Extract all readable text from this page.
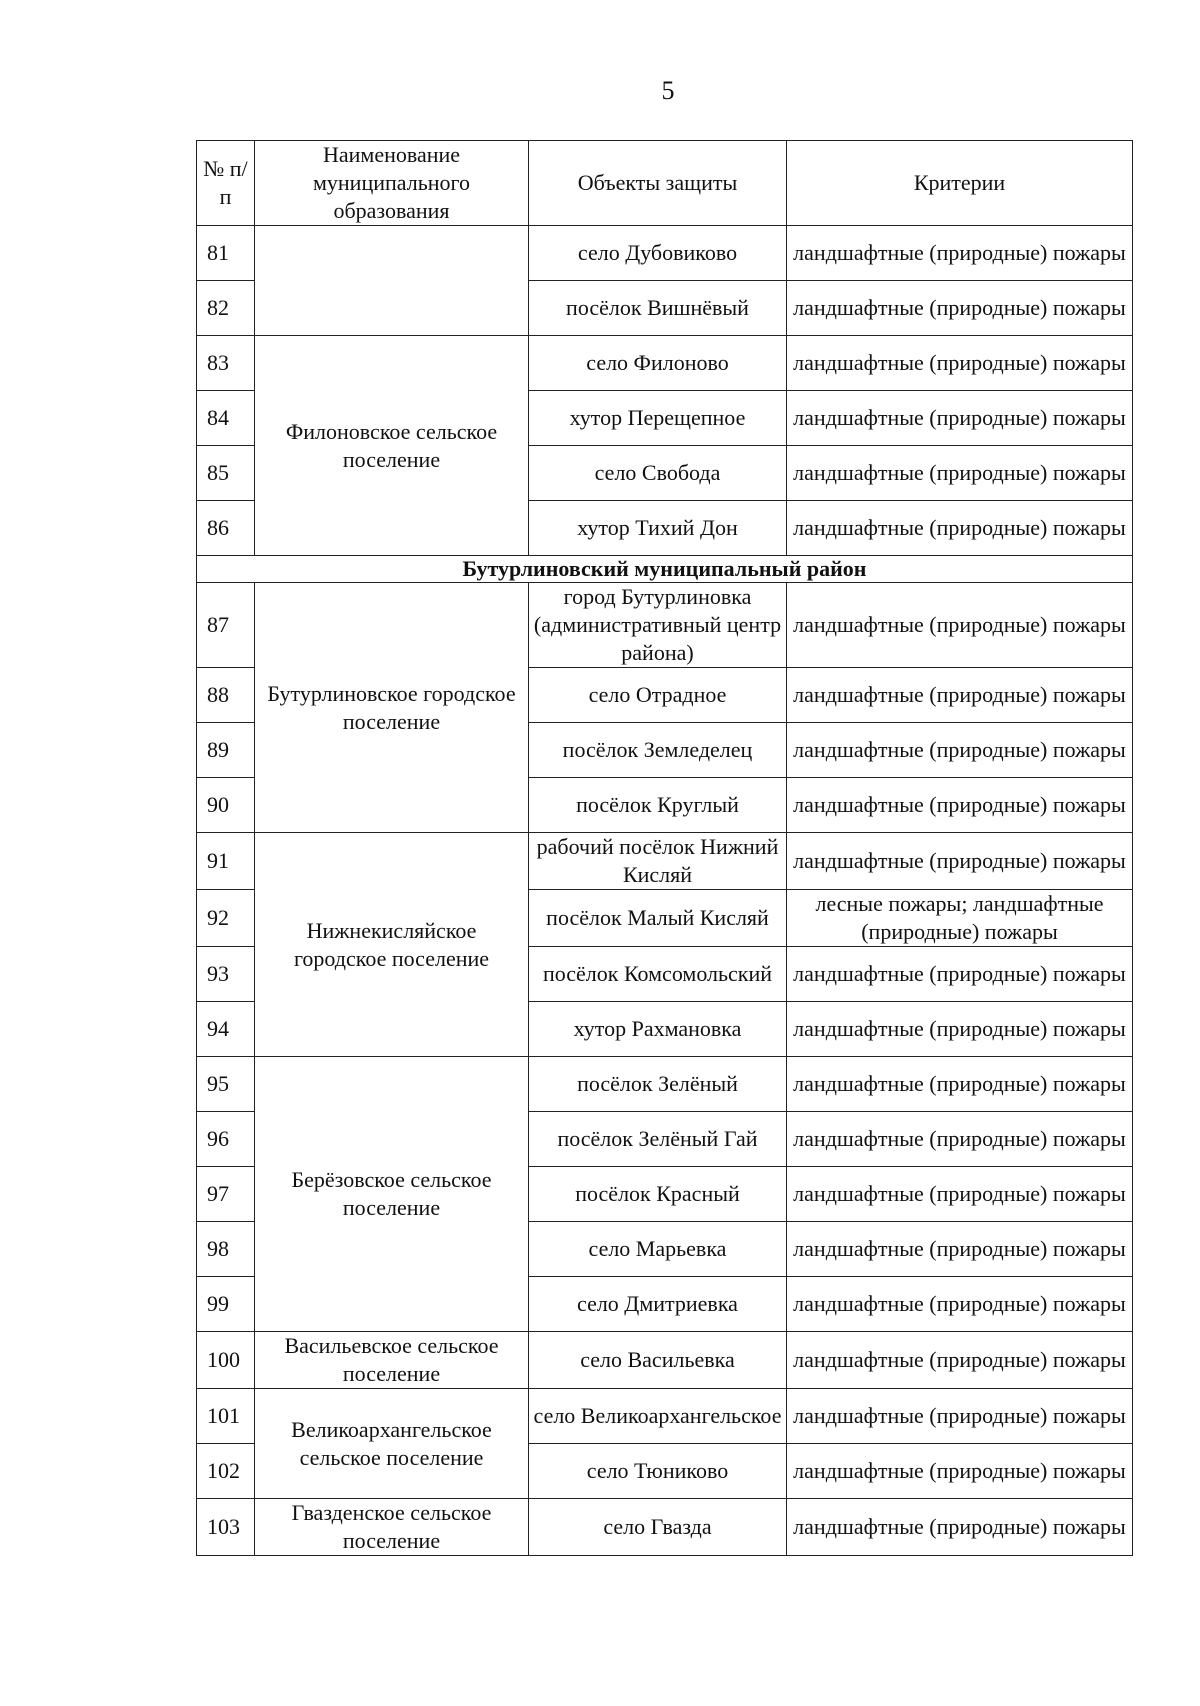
5
№ п/п	Наименование муниципального образования	Объекты защиты	Критерии
81		село Дубовиково	ландшафтные (природные) пожары
82		посёлок Вишнёвый	ландшафтные (природные) пожары
83	Филоновское сельское поселение	село Филоново	ландшафтные (природные) пожары
84		хутор Перещепное	ландшафтные (природные) пожары
85		село Свобода	ландшафтные (природные) пожары
86		хутор Тихий Дон	ландшафтные (природные) пожары
Бутурлиновский муниципальный район			
87	Бутурлиновское городское поселение	город Бутурлиновка (административный центр района)	ландшафтные (природные) пожары
88		село Отрадное	ландшафтные (природные) пожары
89		посёлок Земледелец	ландшафтные (природные) пожары
90		посёлок Круглый	ландшафтные (природные) пожары
91	Нижнекисляйское городское поселение	рабочий посёлок Нижний Кисляй	ландшафтные (природные) пожары
92		посёлок Малый Кисляй	лесные пожары; ландшафтные (природные) пожары
93		посёлок Комсомольский	ландшафтные (природные) пожары
94		хутор Рахмановка	ландшафтные (природные) пожары
95	Берёзовское сельское поселение	посёлок Зелёный	ландшафтные (природные) пожары
96		посёлок Зелёный Гай	ландшафтные (природные) пожары
97		посёлок Красный	ландшафтные (природные) пожары
98		село Марьевка	ландшафтные (природные) пожары
99		село Дмитриевка	ландшафтные (природные) пожары
100	Васильевское сельское поселение	село Васильевка	ландшафтные (природные) пожары
101	Великоархангельское сельское поселение	село Великоархангельское	ландшафтные (природные) пожары
102		село Тюниково	ландшафтные (природные) пожары
103	Гвазденское сельское поселение	село Гвазда	ландшафтные (природные) пожары
